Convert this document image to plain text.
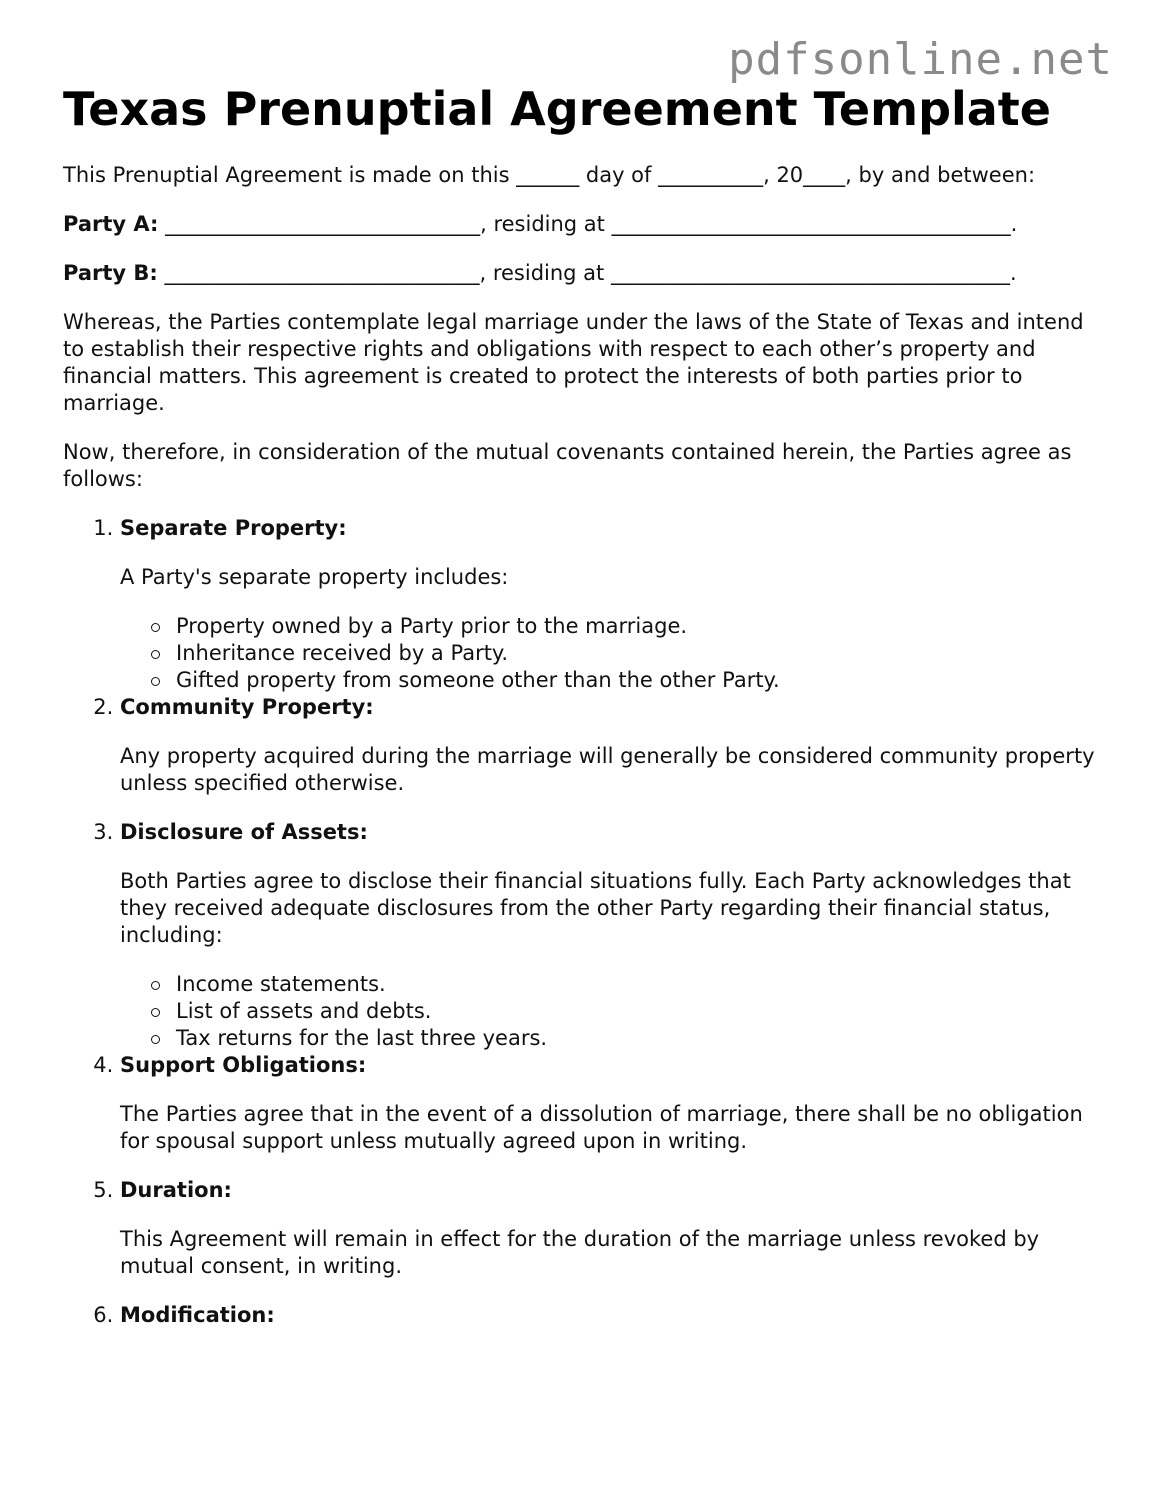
pdfsonline.net
Texas Prenuptial Agreement Template

This Prenuptial Agreement is made on this ______ day of __________, 20____, by and between:

Party A: ______________________________, residing at ______________________________________.

Party B: ______________________________, residing at ______________________________________.

Whereas, the Parties contemplate legal marriage under the laws of the State of Texas and intend to establish their respective rights and obligations with respect to each other’s property and financial matters. This agreement is created to protect the interests of both parties prior to marriage.

Now, therefore, in consideration of the mutual covenants contained herein, the Parties agree as follows:

1. Separate Property:

A Party's separate property includes:

Property owned by a Party prior to the marriage.
Inheritance received by a Party.
Gifted property from someone other than the other Party.
2. Community Property:

Any property acquired during the marriage will generally be considered community property unless specified otherwise.

3. Disclosure of Assets:

Both Parties agree to disclose their financial situations fully. Each Party acknowledges that they received adequate disclosures from the other Party regarding their financial status, including:

Income statements.
List of assets and debts.
Tax returns for the last three years.
4. Support Obligations:

The Parties agree that in the event of a dissolution of marriage, there shall be no obligation for spousal support unless mutually agreed upon in writing.

5. Duration:

This Agreement will remain in effect for the duration of the marriage unless revoked by mutual consent, in writing.

6. Modification:
